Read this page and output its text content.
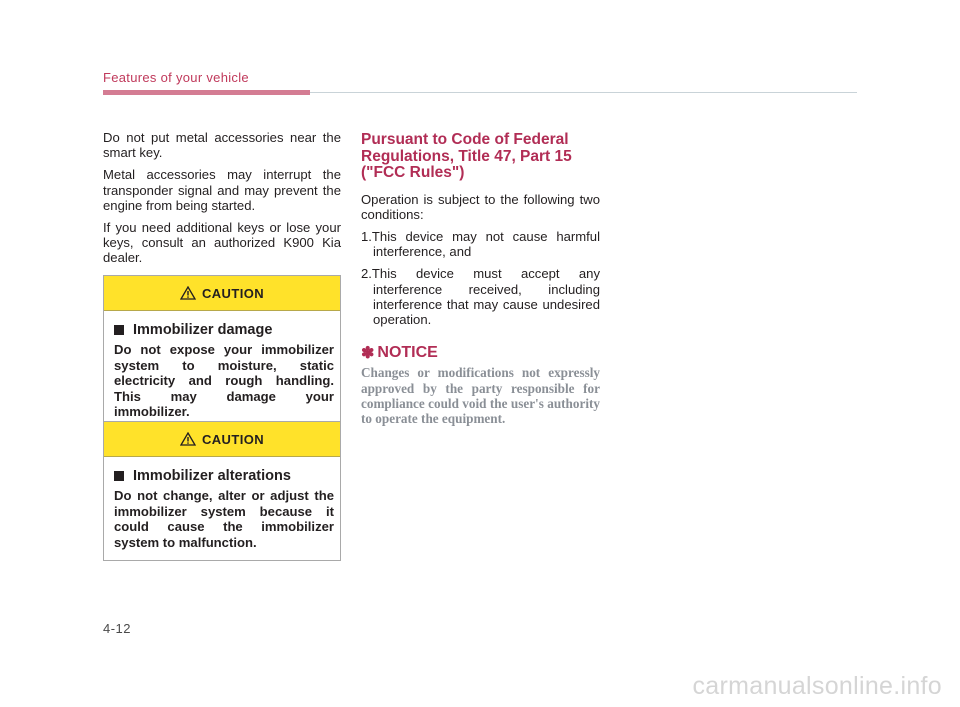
Features of your vehicle

Do not put metal accessories near the smart key.

Metal accessories may interrupt the transponder signal and may prevent the engine from being started.

If you need additional keys or lose your keys, consult an authorized K900 Kia dealer.

CAUTION
Immobilizer damage

Do not expose your immobilizer system to moisture, static electricity and rough handling. This may damage your immobilizer.

CAUTION
Immobilizer alterations

Do not change, alter or adjust the immobilizer system because it could cause the immobilizer system to malfunction.

Pursuant to Code of Federal Regulations, Title 47, Part 15 ("FCC Rules")

Operation is subject to the following two conditions:

1.This device may not cause harmful interference, and

2.This device must accept any interference received, including interference that may cause undesired operation.

✽ NOTICE

Changes or modifications not expressly approved by the party responsible for compliance could void the user's authority to operate the equipment.

4-12
carmanualsonline.info
